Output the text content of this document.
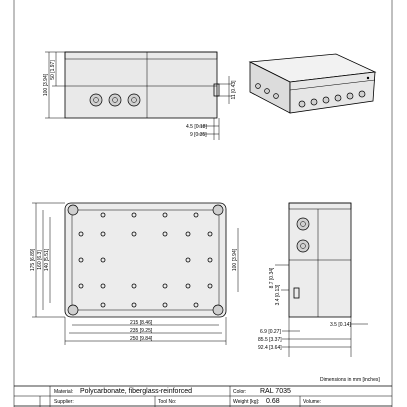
100 [3.94]
50 [1.97]
11 [0.43]
4.5 [0.18]
9 [0.35]
175 [6.89] 160 [6.3] 140 [5.51]	100 [3.94]
215 [8.46]
235 [9.25]
250 [9.84]
8.7 [0.34]
3.4 [0.13]
6.9 [0.27]
3.5 [0.14]
85.5 [3.37]
92.4 [3.64]
Dimensions in mm [inches]
Material: Polycarbonate, fiberglass-reinforced	Color: RAL 7035
Supplier:	Tool No:	Weight [kg]: 0.68	Volume:
